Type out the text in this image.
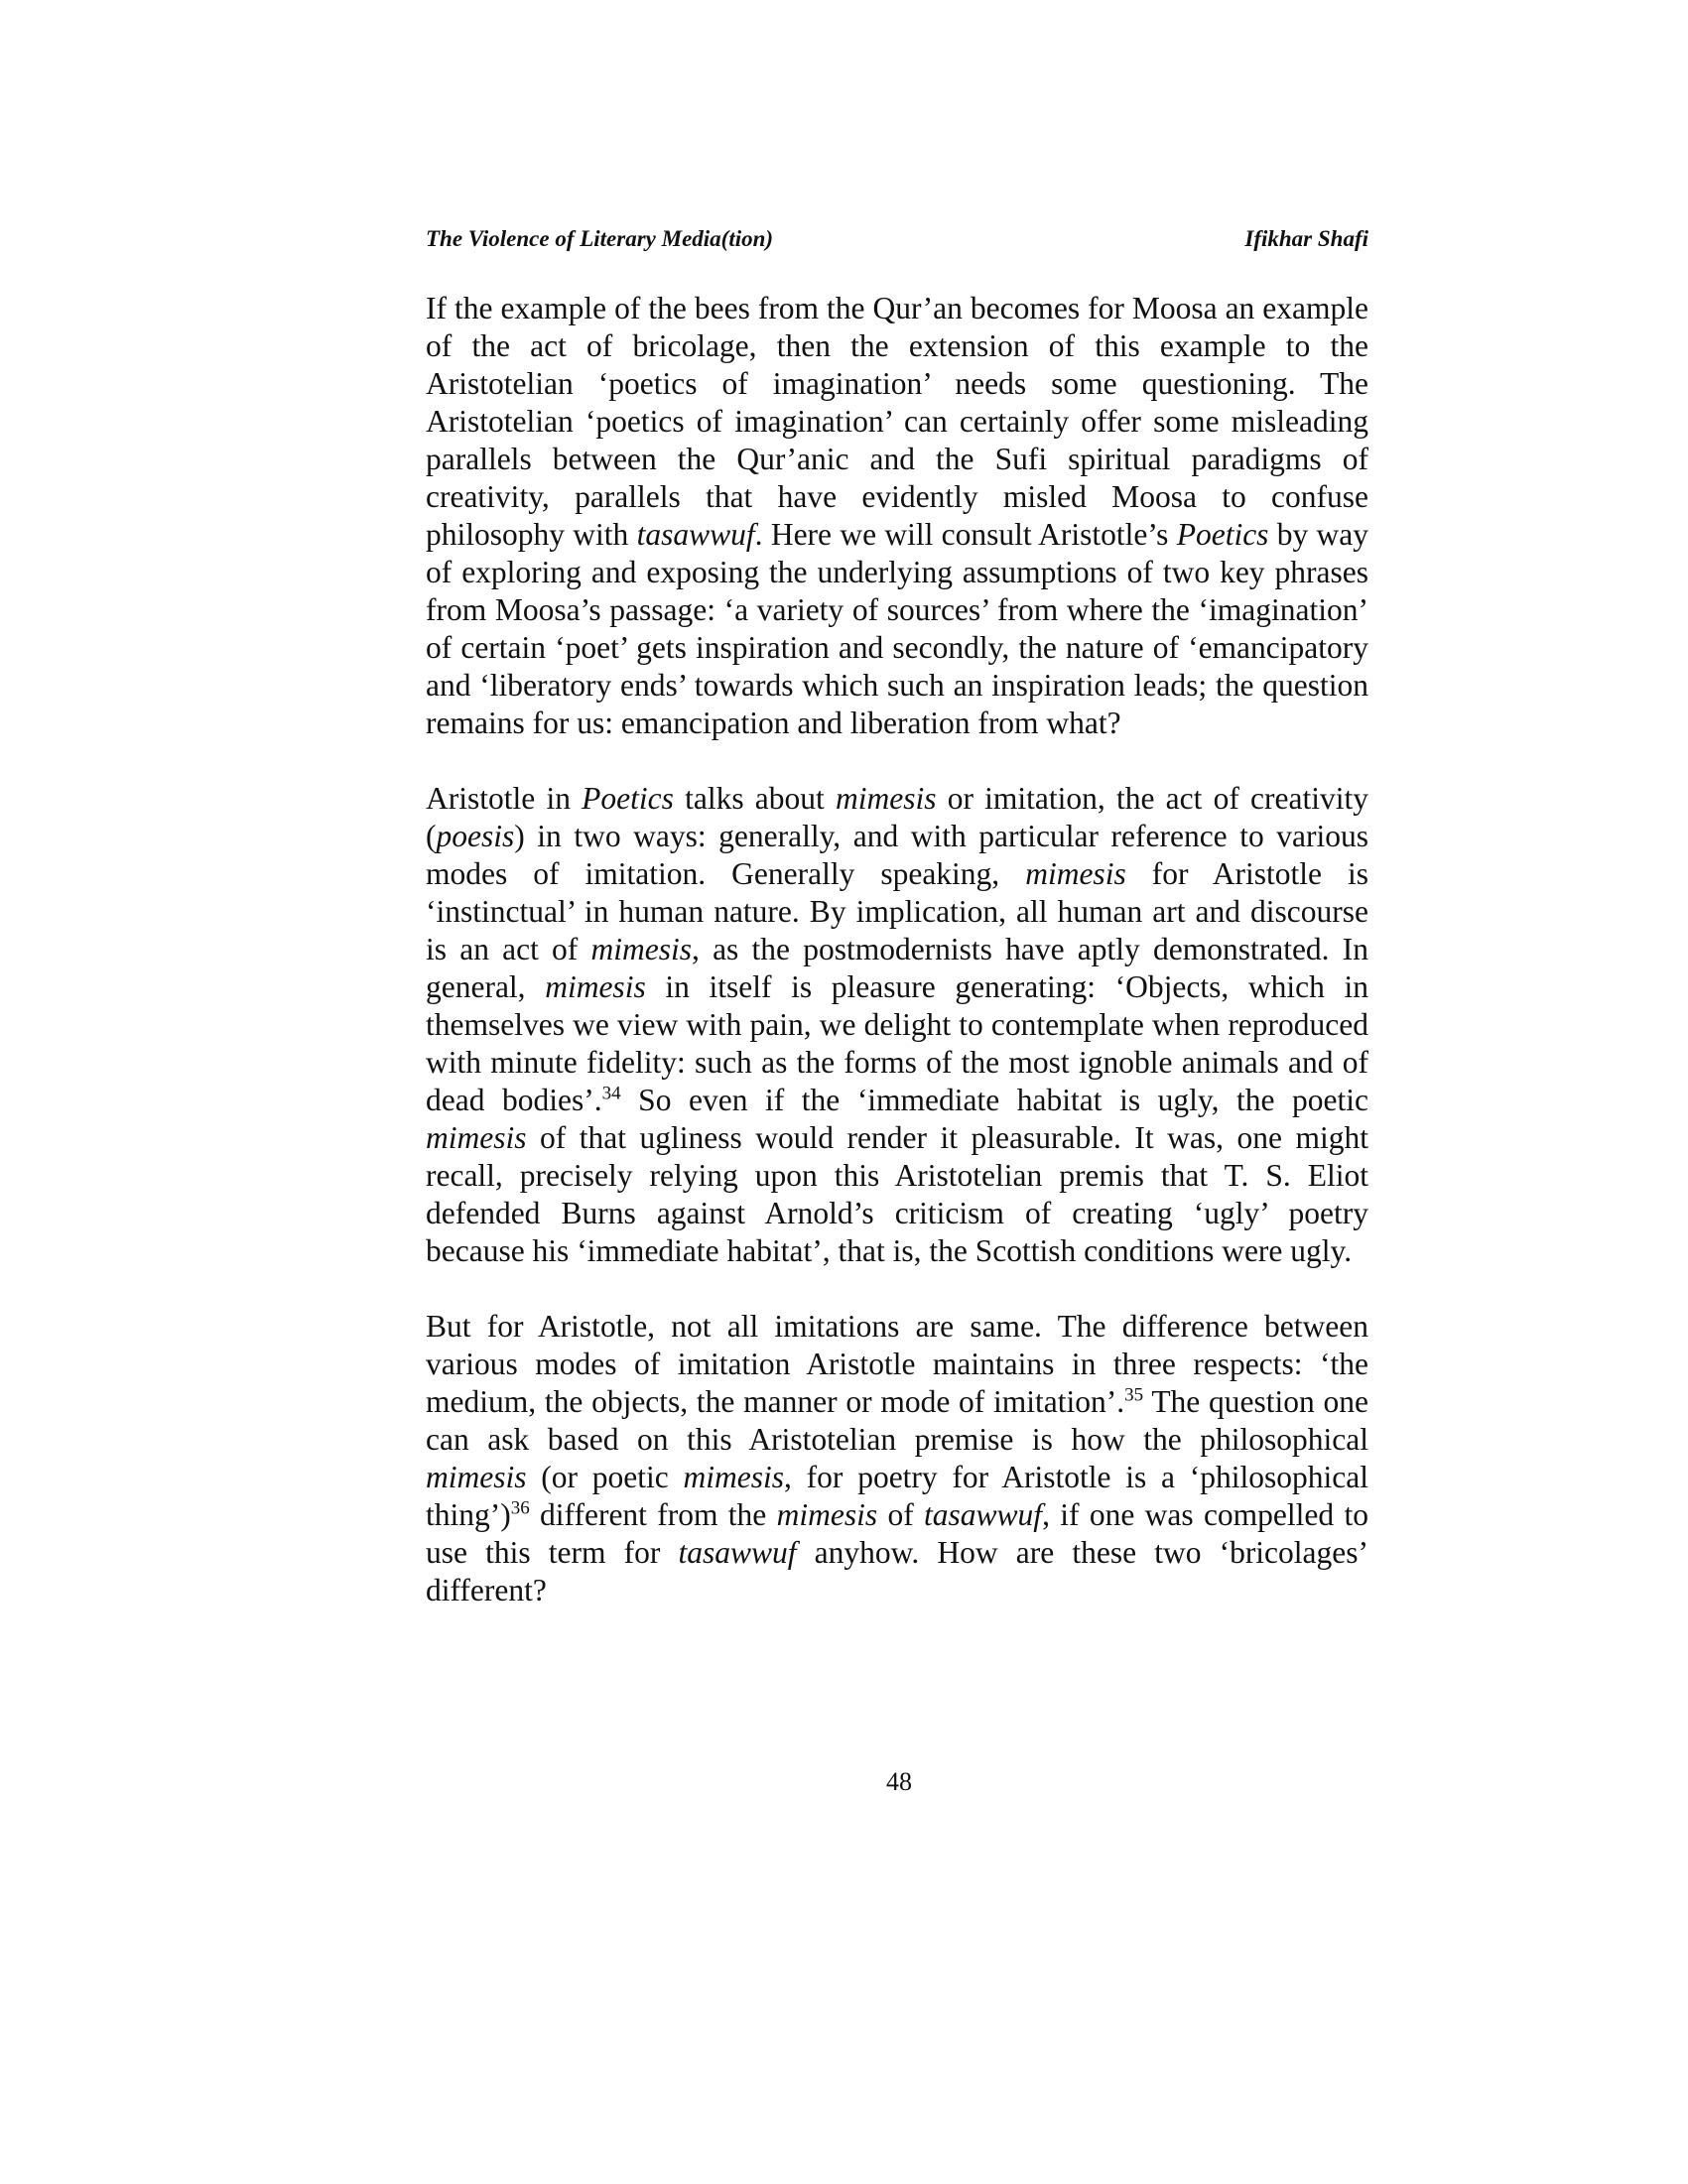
The Violence of Literary Media(tion)	Ifikhar Shafi

If the example of the bees from the Qur’an becomes for Moosa an example of the act of bricolage, then the extension of this example to the Aristotelian ‘poetics of imagination’ needs some questioning. The Aristotelian ‘poetics of imagination’ can certainly offer some misleading parallels between the Qur’anic and the Sufi spiritual paradigms of creativity, parallels that have evidently misled Moosa to confuse philosophy with tasawwuf. Here we will consult Aristotle’s Poetics by way of exploring and exposing the underlying assumptions of two key phrases from Moosa’s passage: ‘a variety of sources’ from where the ‘imagination’ of certain ‘poet’ gets inspiration and secondly, the nature of ‘emancipatory and ‘liberatory ends’ towards which such an inspiration leads; the question remains for us: emancipation and liberation from what?

Aristotle in Poetics talks about mimesis or imitation, the act of creativity (poesis) in two ways: generally, and with particular reference to various modes of imitation. Generally speaking, mimesis for Aristotle is ‘instinctual’ in human nature. By implication, all human art and discourse is an act of mimesis, as the postmodernists have aptly demonstrated. In general, mimesis in itself is pleasure generating: ‘Objects, which in themselves we view with pain, we delight to contemplate when reproduced with minute fidelity: such as the forms of the most ignoble animals and of dead bodies’.$^{34}$ So even if the ‘immediate habitat is ugly, the poetic mimesis of that ugliness would render it pleasurable. It was, one might recall, precisely relying upon this Aristotelian premis that T. S. Eliot defended Burns against Arnold’s criticism of creating ‘ugly’ poetry because his ‘immediate habitat’, that is, the Scottish conditions were ugly.

But for Aristotle, not all imitations are same. The difference between various modes of imitation Aristotle maintains in three respects: ‘the medium, the objects, the manner or mode of imitation’.$^{35}$ The question one can ask based on this Aristotelian premise is how the philosophical mimesis (or poetic mimesis, for poetry for Aristotle is a ‘philosophical thing’)$^{36}$ different from the mimesis of tasawwuf, if one was compelled to use this term for tasawwuf anyhow. How are these two ‘bricolages’ different?

48
